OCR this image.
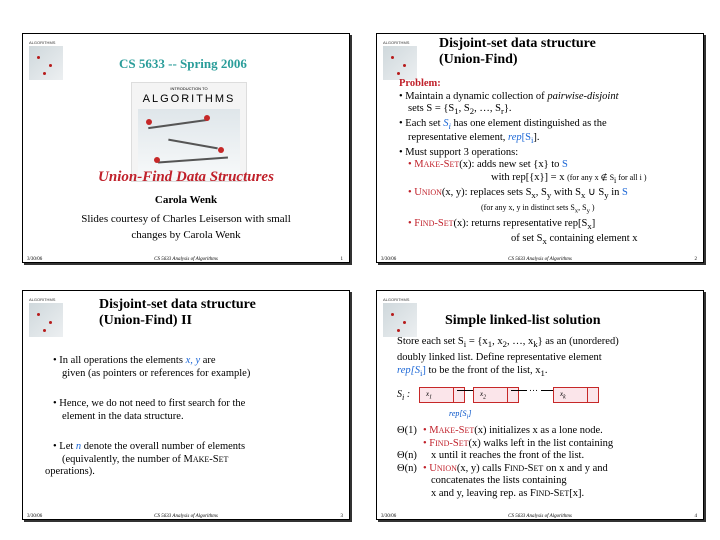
ALGORITHMS
CS 5633 -- Spring 2006
INTRODUCTION TO
ALGORITHMS
Union-Find Data Structures
Carola Wenk
Slides courtesy of Charles Leiserson with small
changes by Carola Wenk
3/30/06	CS 5633 Analysis of Algorithms	1
ALGORITHMS Disjoint-set data structure
(Union-Find)
Problem:
• Maintain a dynamic collection of pairwise-disjoint
sets $S = \{S_1$, $S_2$, …, $S_r$}.
• Each set $S_i$ has one element distinguished as the
representative element, $rep[S_i]$.
• Must support 3 operations:
• MAKE-SET(x): adds new set {x} to S
with rep[{x}] = x (for any x ∉ $S_i$ for all i )
• UNION(x, y): replaces sets $S_x$, $S_y$ with $S_x$ ∪ $S_y$ in S
(for any x, y in distinct sets $S_x$, $S_y$ )
• FIND-SET(x): returns representative $rep[S_x]$
of set $S_x$ containing element x
3/30/06	CS 5633 Analysis of Algorithms	2
ALGORITHMS	Disjoint-set data structure
(Union-Find) II
• In all operations the elements x, y are
given (as pointers or references for example)
• Hence, we do not need to first search for the
element in the data structure.
• Let n denote the overall number of elements
(equivalently, the number of MAKE-SET
operations).
3/30/06	CS 5633 Analysis of Algorithms	3
ALGORITHMS
Simple linked-list solution
Store each set $S_i = \{x_1$, $x_2$, …, $x_k$} as an (unordered)
doubly linked list. Define representative element
$rep[S_i]$ to be the front of the list, $x_1$.
$S_i$ : $x_1$	$x_2$
…
$x_k$
$rep[S_i]$
Θ(1) • MAKE-SET(x) initializes x as a lone node.
• FIND-SET(x) walks left in the list containing
Θ(n)	x until it reaches the front of the list.
Θ(n) • UNION(x, y) calls FIND-SET on x and y and
concatenates the lists containing
x and y, leaving rep. as FIND-SET[x].
3/30/06	CS 5633 Analysis of Algorithms	4
